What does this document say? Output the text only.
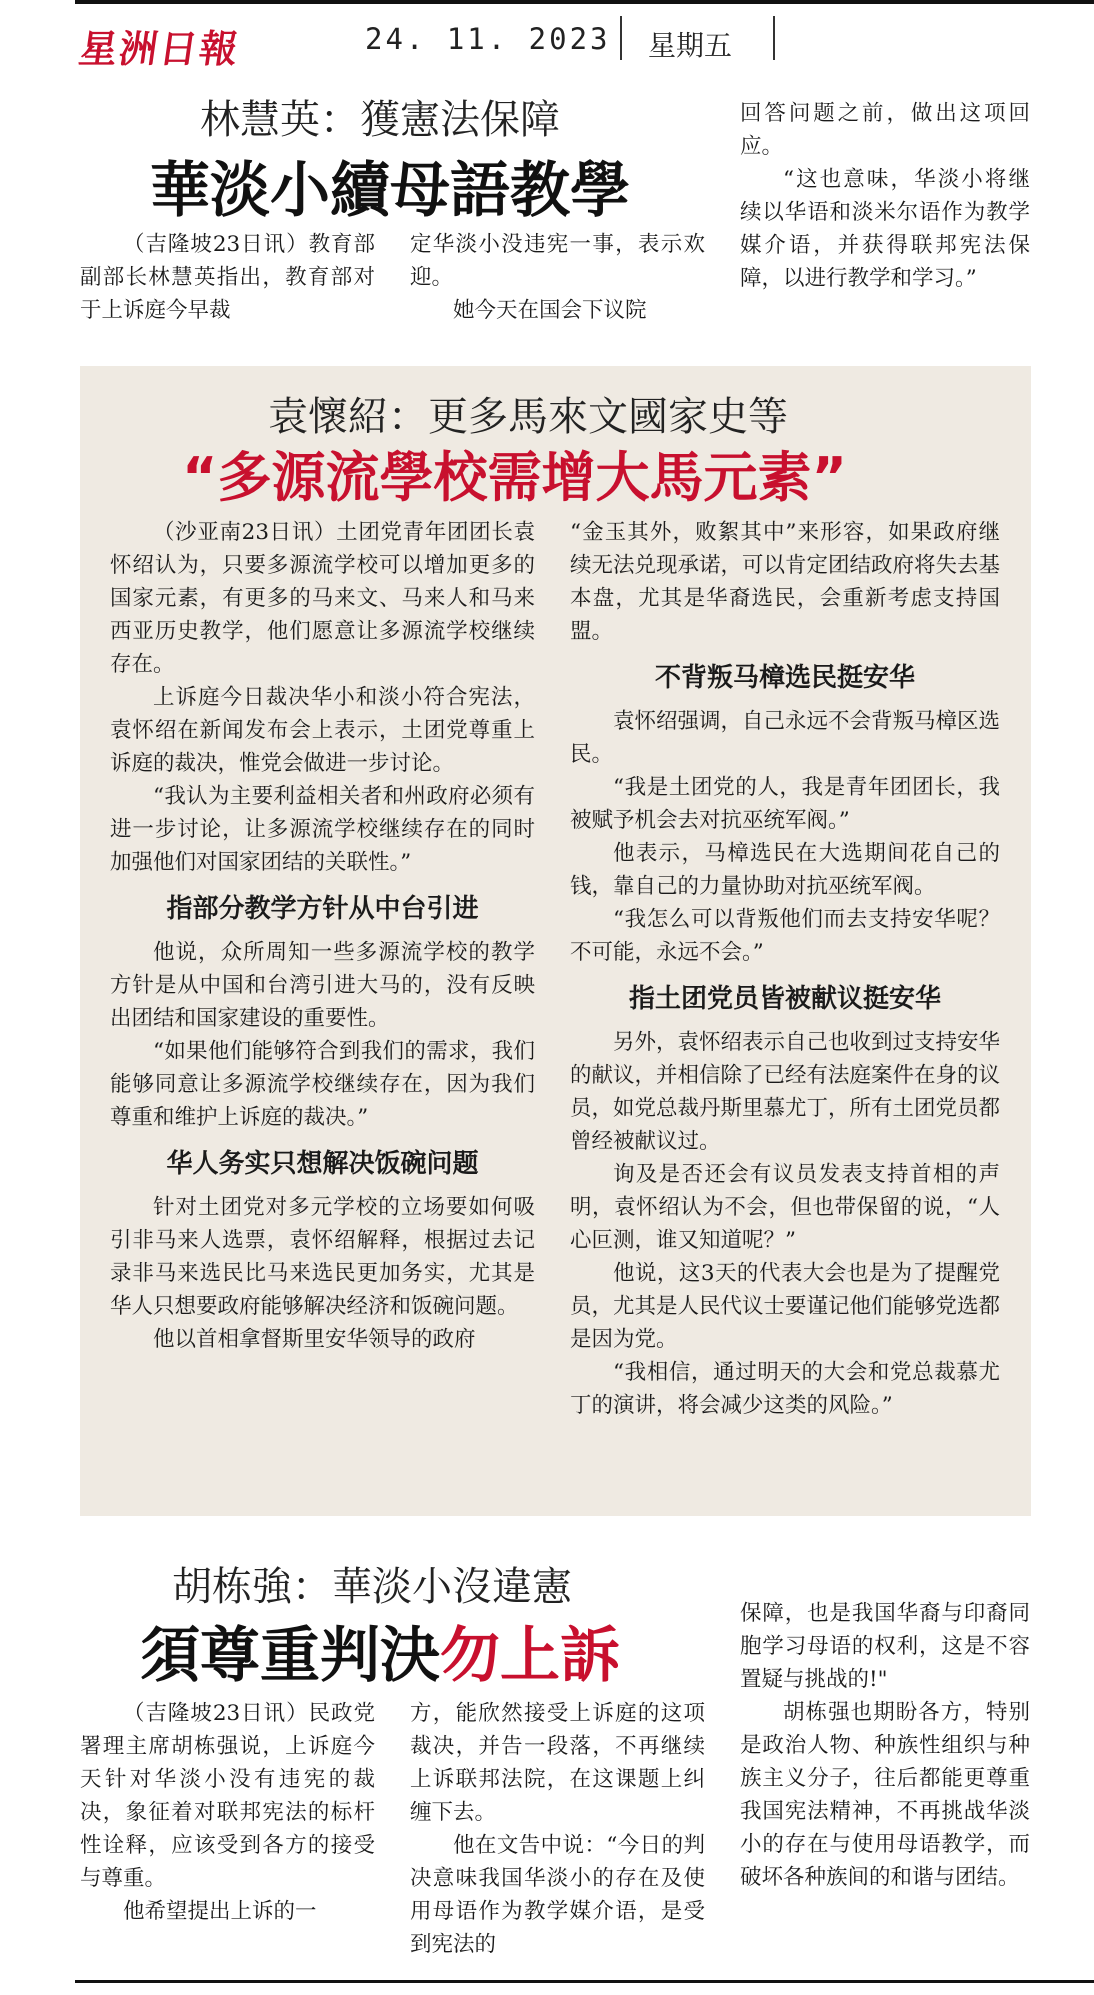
星洲日報	24. 11. 2023 星期五
林慧英：獲憲法保障
華淡小續母語教學

（吉隆坡23日讯）教育部副部长林慧英指出，教育部对于上诉庭今早裁

定华淡小没违宪一事，表示欢迎。

她今天在国会下议院

回答问题之前，做出这项回应。

“这也意味，华淡小将继续以华语和淡米尔语作为教学媒介语，并获得联邦宪法保障，以进行教学和学习。”

袁懷紹：更多馬來文國家史等
“多源流學校需增大馬元素”

（沙亚南23日讯）土团党青年团团长袁怀绍认为，只要多源流学校可以增加更多的国家元素，有更多的马来文、马来人和马来西亚历史教学，他们愿意让多源流学校继续存在。

上诉庭今日裁决华小和淡小符合宪法，袁怀绍在新闻发布会上表示，土团党尊重上诉庭的裁决，惟党会做进一步讨论。

“我认为主要利益相关者和州政府必须有进一步讨论，让多源流学校继续存在的同时加强他们对国家团结的关联性。”

指部分教学方针从中台引进

他说，众所周知一些多源流学校的教学方针是从中国和台湾引进大马的，没有反映出团结和国家建设的重要性。

“如果他们能够符合到我们的需求，我们能够同意让多源流学校继续存在，因为我们尊重和维护上诉庭的裁决。”

华人务实只想解决饭碗问题

针对土团党对多元学校的立场要如何吸引非马来人选票，袁怀绍解释，根据过去记录非马来选民比马来选民更加务实，尤其是华人只想要政府能够解决经济和饭碗问题。

他以首相拿督斯里安华领导的政府

“金玉其外，败絮其中”来形容，如果政府继续无法兑现承诺，可以肯定团结政府将失去基本盘，尤其是华裔选民，会重新考虑支持国盟。

不背叛马樟选民挺安华

袁怀绍强调，自己永远不会背叛马樟区选民。

“我是土团党的人，我是青年团团长，我被赋予机会去对抗巫统军阀。”

他表示，马樟选民在大选期间花自己的钱，靠自己的力量协助对抗巫统军阀。

“我怎么可以背叛他们而去支持安华呢？不可能，永远不会。”

指土团党员皆被献议挺安华

另外，袁怀绍表示自己也收到过支持安华的献议，并相信除了已经有法庭案件在身的议员，如党总裁丹斯里慕尤丁，所有土团党员都曾经被献议过。

询及是否还会有议员发表支持首相的声明，袁怀绍认为不会，但也带保留的说，“人心叵测，谁又知道呢？”

他说，这3天的代表大会也是为了提醒党员，尤其是人民代议士要谨记他们能够党选都是因为党。

“我相信，通过明天的大会和党总裁慕尤丁的演讲，将会减少这类的风险。”

胡栋強：華淡小沒違憲
須尊重判決勿上訴

（吉隆坡23日讯）民政党署理主席胡栋强说，上诉庭今天针对华淡小没有违宪的裁决，象征着对联邦宪法的标杆性诠释，应该受到各方的接受与尊重。

他希望提出上诉的一

方，能欣然接受上诉庭的这项裁决，并告一段落，不再继续上诉联邦法院，在这课题上纠缠下去。

他在文告中说：“今日的判决意味我国华淡小的存在及使用母语作为教学媒介语，是受到宪法的

保障，也是我国华裔与印裔同胞学习母语的权利，这是不容置疑与挑战的!"

胡栋强也期盼各方，特别是政治人物、种族性组织与种族主义分子，往后都能更尊重我国宪法精神，不再挑战华淡小的存在与使用母语教学，而破坏各种族间的和谐与团结。
